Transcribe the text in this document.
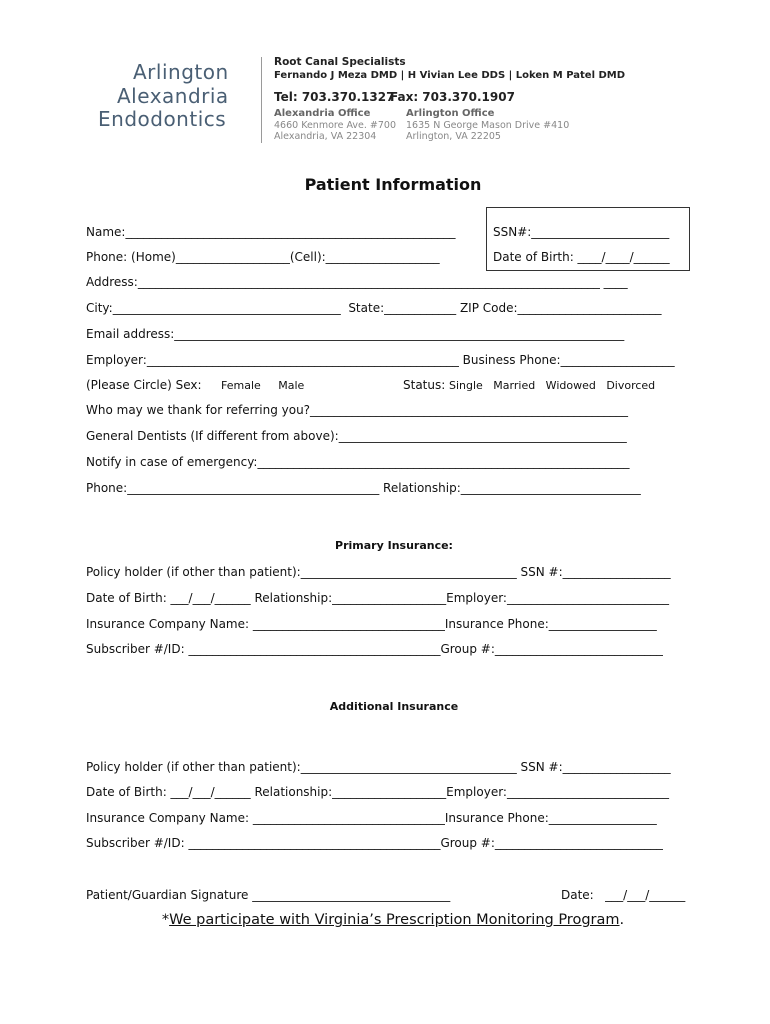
Arlington
Alexandria
Endodontics
Root Canal Specialists
Fernando J Meza DMD | H Vivian Lee DDS | Loken M Patel DMD
Tel: 703.370.1327
Fax: 703.370.1907
Alexandria Office
4660 Kenmore Ave. #700
Alexandria, VA 22304
Arlington Office
1635 N George Mason Drive #410
Arlington, VA 22205
Patient Information
Name:_______________________________________________________	SSN#:_______________________
Phone: (Home)___________________(Cell):___________________	Date of Birth: ____/____/______
Address:_____________________________________________________________________________ ____
City:______________________________________  State:____________ ZIP Code:________________________
Email address:___________________________________________________________________________
Employer:____________________________________________________ Business Phone:___________________
(Please Circle) Sex: Female     Male	Status: Single   Married   Widowed   Divorced
Who may we thank for referring you?_____________________________________________________
General Dentists (If different from above):________________________________________________
Notify in case of emergency:______________________________________________________________
Phone:__________________________________________ Relationship:______________________________
Primary Insurance:
Policy holder (if other than patient):____________________________________ SSN #:__________________
Date of Birth: ___/___/______ Relationship:___________________Employer:___________________________
Insurance Company Name: ________________________________Insurance Phone:__________________
Subscriber #/ID: __________________________________________Group #:____________________________
Additional Insurance
Policy holder (if other than patient):____________________________________ SSN #:__________________
Date of Birth: ___/___/______ Relationship:___________________Employer:___________________________
Insurance Company Name: ________________________________Insurance Phone:__________________
Subscriber #/ID: __________________________________________Group #:____________________________
Patient/Guardian Signature _________________________________	Date:   ___/___/______
*We participate with Virginia’s Prescription Monitoring Program.
